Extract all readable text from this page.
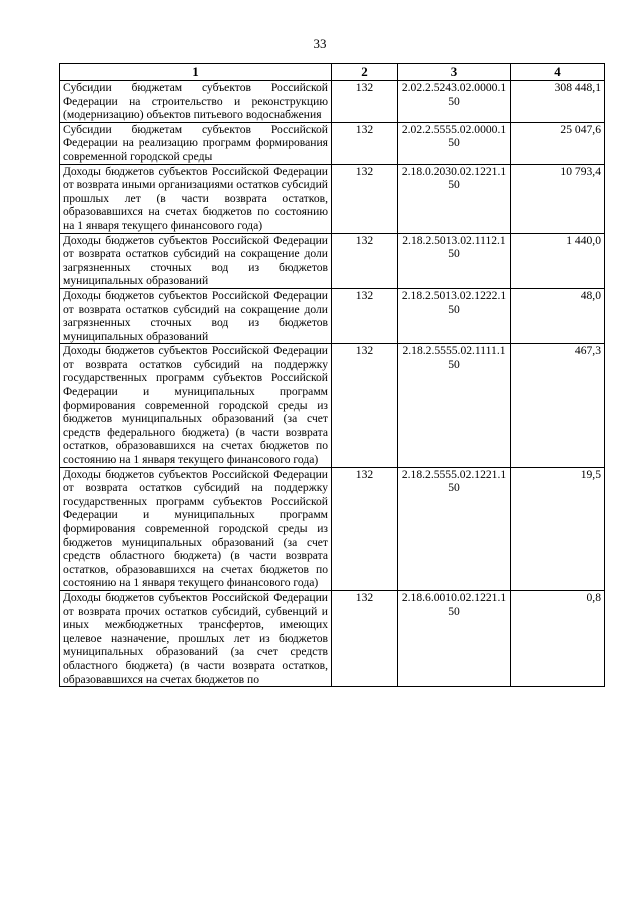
33
1	2	3	4
Субсидии бюджетам субъектов Российской Федерации на строительство и реконструкцию (модернизацию) объектов питьевого водоснабжения	132	2.02.2.5243.02.0000.150	308 448,1
Субсидии бюджетам субъектов Российской Федерации на реализацию программ формирования современной городской среды	132	2.02.2.5555.02.0000.150	25 047,6
Доходы бюджетов субъектов Российской Федерации от возврата иными организациями остатков субсидий прошлых лет (в части возврата остатков, образовавшихся на счетах бюджетов по состоянию на 1 января текущего финансового года)	132	2.18.0.2030.02.1221.150	10 793,4
Доходы бюджетов субъектов Российской Федерации от возврата остатков субсидий на сокращение доли загрязненных сточных вод из бюджетов муниципальных образований	132	2.18.2.5013.02.1112.150	1 440,0
Доходы бюджетов субъектов Российской Федерации от возврата остатков субсидий на сокращение доли загрязненных сточных вод из бюджетов муниципальных образований	132	2.18.2.5013.02.1222.150	48,0
Доходы бюджетов субъектов Российской Федерации от возврата остатков субсидий на поддержку государственных программ субъектов Российской Федерации и муниципальных программ формирования современной городской среды из бюджетов муниципальных образований (за счет средств федерального бюджета) (в части возврата остатков, образовавшихся на счетах бюджетов по состоянию на 1 января текущего финансового года)	132	2.18.2.5555.02.1111.150	467,3
Доходы бюджетов субъектов Российской Федерации от возврата остатков субсидий на поддержку государственных программ субъектов Российской Федерации и муниципальных программ формирования современной городской среды из бюджетов муниципальных образований (за счет средств областного бюджета) (в части возврата остатков, образовавшихся на счетах бюджетов по состоянию на 1 января текущего финансового года)	132	2.18.2.5555.02.1221.150	19,5
Доходы бюджетов субъектов Российской Федерации от возврата прочих остатков субсидий, субвенций и иных межбюджетных трансфертов, имеющих целевое назначение, прошлых лет из бюджетов муниципальных образований (за счет средств областного бюджета) (в части возврата остатков, образовавшихся на счетах бюджетов по	132	2.18.6.0010.02.1221.150	0,8
